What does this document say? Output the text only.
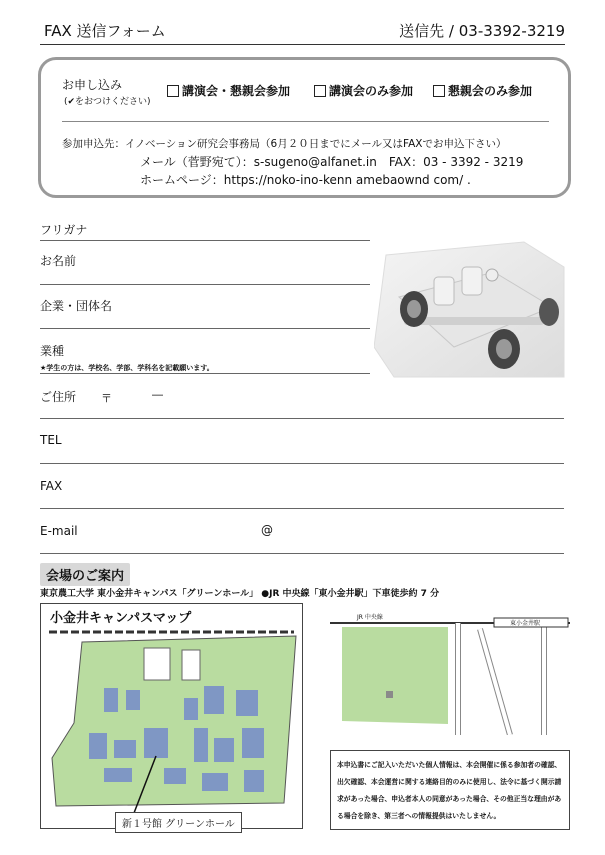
FAX 送信フォーム	送信先 / 03-3392-3219
お申し込み
(✔をおつけください)
講演会・懇親会参加	講演会のみ参加	懇親会のみ参加
参加申込先：イノベーション研究会事務局（6月２０日までにメール又はFAXでお申込下さい）
メール（菅野宛て）：s-sugeno@alfanet.in　FAX：03 - 3392 - 3219
ホームページ：https://noko-ino-kenn amebaownd com/ .
フリガナ
お名前
企業・団体名
業種
★学生の方は、学校名、学部、学科名を記載願います。
ご住所 〒	―
TEL
FAX
E-mail	@
会場のご案内
東京農工大学 東小金井キャンパス「グリーンホール」 ●JR 中央線「東小金井駅」下車徒歩約 7 分
小金井キャンパスマップ
新１号館 グリーンホール
JR 中央線
東小金井駅
本申込書にご記入いただいた個人情報は、本会開催に係る参加者の確認、出欠確認、本会運営に関する連絡目的のみに使用し、法令に基づく開示請求があった場合、申込者本人の同意があった場合、その他正当な理由がある場合を除き、第三者への情報提供はいたしません。
